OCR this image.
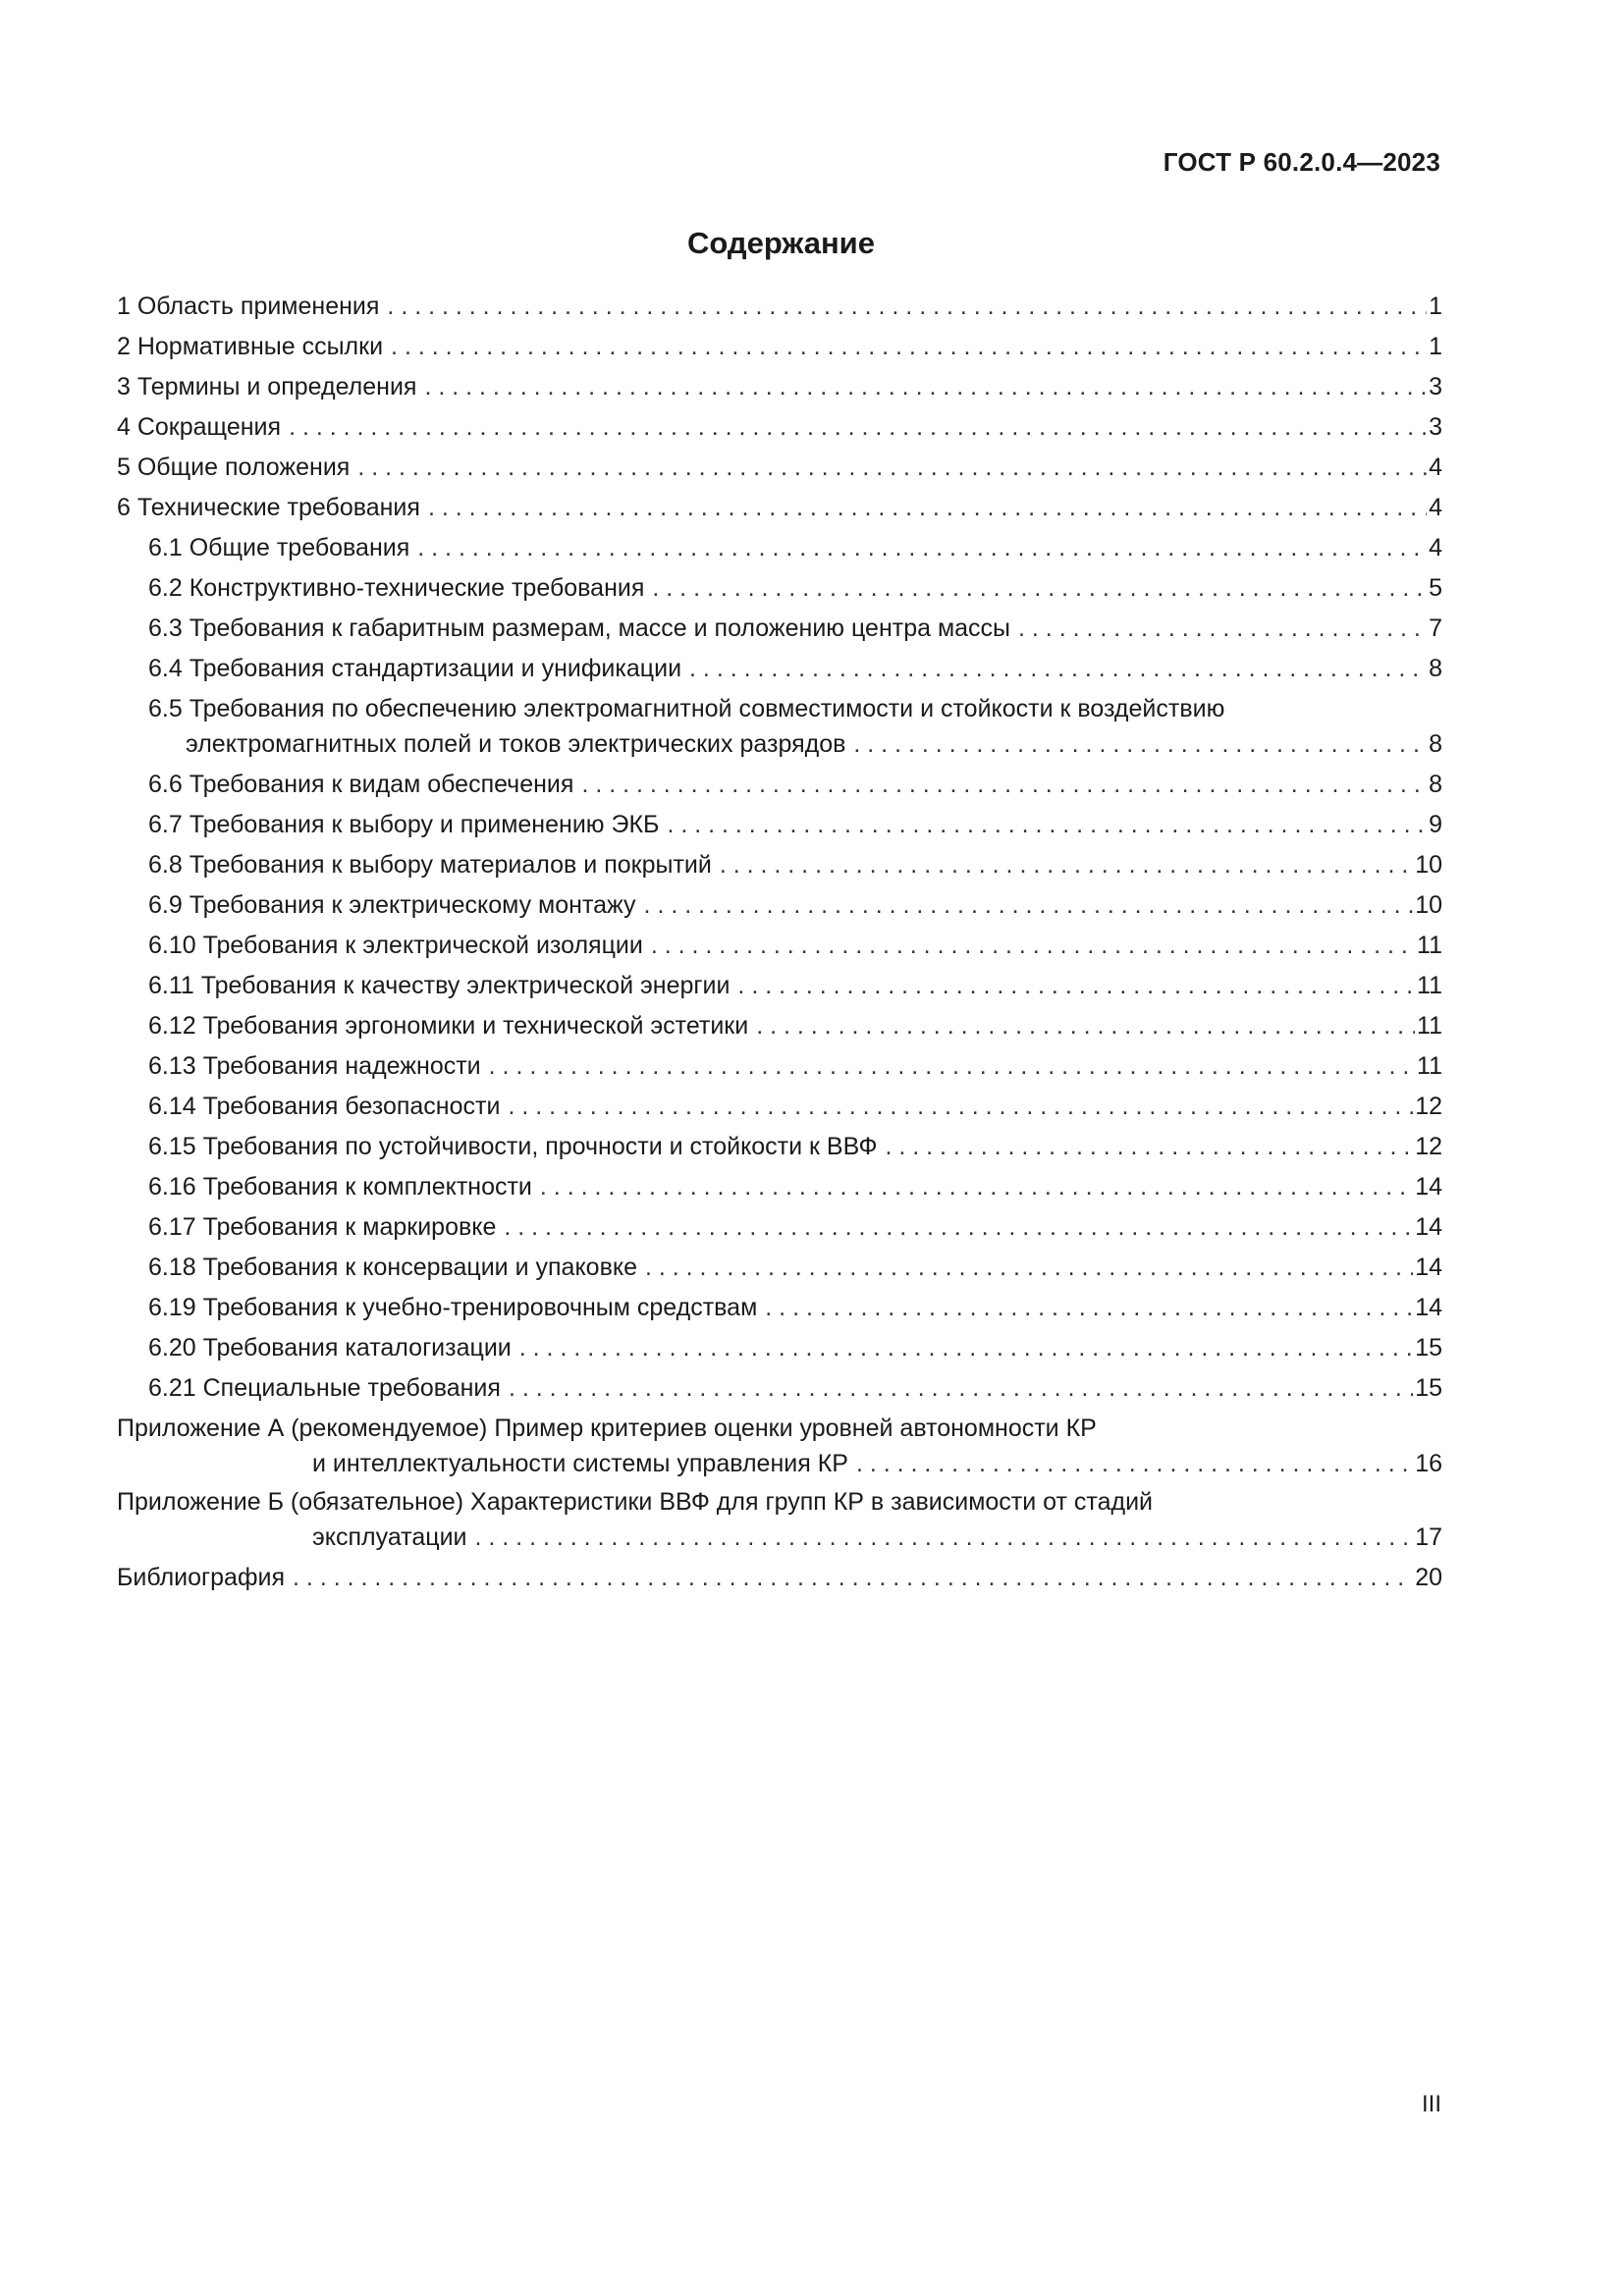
ГОСТ Р 60.2.0.4—2023
Содержание
1 Область применения . . .	1
2 Нормативные ссылки . . .	1
3 Термины и определения . . .	3
4 Сокращения . . .	3
5 Общие положения . . .	4
6 Технические требования . . .	4
6.1 Общие требования . . .	4
6.2 Конструктивно-технические требования . . .	5
6.3 Требования к габаритным размерам, массе и положению центра массы . . .	7
6.4 Требования стандартизации и унификации . . .	8
6.5 Требования по обеспечению электромагнитной совместимости и стойкости к воздействию
электромагнитных полей и токов электрических разрядов . . .	8
6.6 Требования к видам обеспечения . . .	8
6.7 Требования к выбору и применению ЭКБ . . .	9
6.8 Требования к выбору материалов и покрытий . . .	10
6.9 Требования к электрическому монтажу . . .	10
6.10 Требования к электрической изоляции . . .	11
6.11 Требования к качеству электрической энергии . . .	11
6.12 Требования эргономики и технической эстетики . . .	11
6.13 Требования надежности . . .	11
6.14 Требования безопасности . . .	12
6.15 Требования по устойчивости, прочности и стойкости к ВВФ . . .	12
6.16 Требования к комплектности . . .	14
6.17 Требования к маркировке . . .	14
6.18 Требования к консервации и упаковке . . .	14
6.19 Требования к учебно-тренировочным средствам . . .	14
6.20 Требования каталогизации . . .	15
6.21 Специальные требования . . .	15
Приложение А (рекомендуемое) Пример критериев оценки уровней автономности КР
и интеллектуальности системы управления КР . . .	16
Приложение Б (обязательное) Характеристики ВВФ для групп КР в зависимости от стадий
эксплуатации . . .	17
Библиография . . .	20
III
